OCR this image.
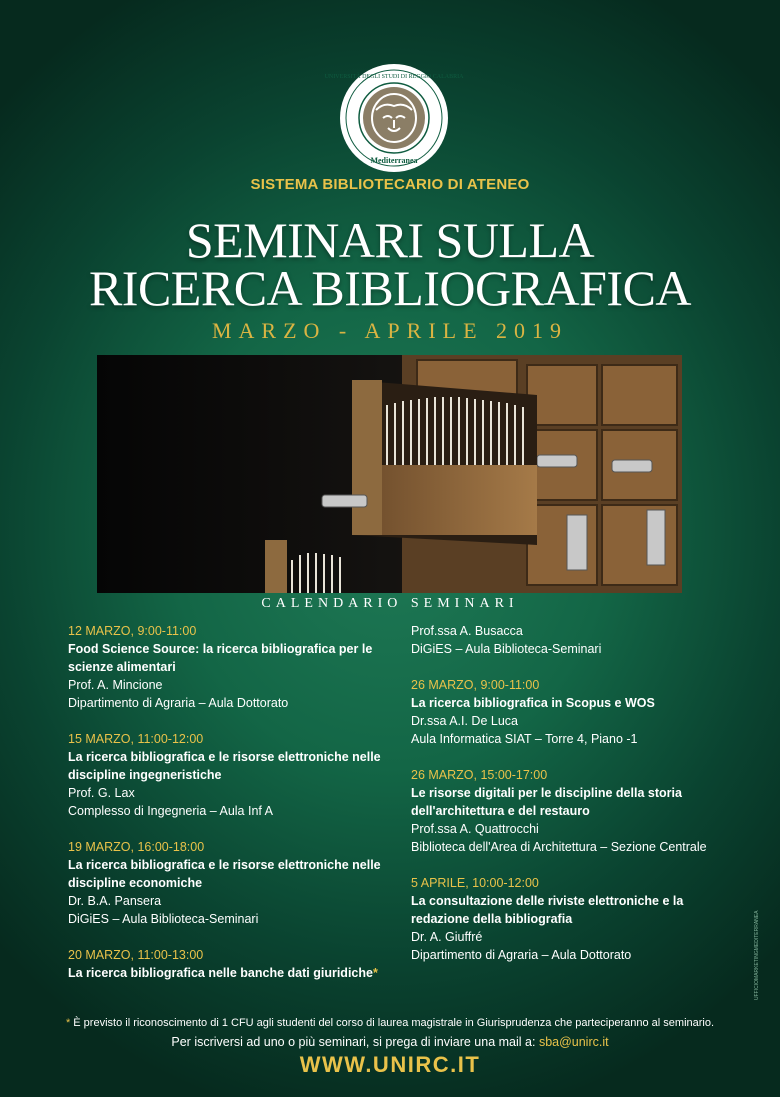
UNIVERSITÀ DEGLI STUDI DI REGGIO CALABRIA
Mediterranea
SISTEMA BIBLIOTECARIO DI ATENEO
SEMINARI SULLA
RICERCA BIBLIOGRAFICA
MARZO - APRILE 2019
CALENDARIO SEMINARI
12 MARZO, 9:00-11:00
Food Science Source: la ricerca bibliografica per le
scienze alimentari
Prof. A. Mincione
Dipartimento di Agraria – Aula Dottorato
15 MARZO, 11:00-12:00
La ricerca bibliografica e le risorse elettroniche nelle
discipline ingegneristiche
Prof. G. Lax
Complesso di Ingegneria – Aula Inf A
19 MARZO, 16:00-18:00
La ricerca bibliografica e le risorse elettroniche nelle
discipline economiche
Dr. B.A. Pansera
DiGiES – Aula Biblioteca-Seminari
20 MARZO, 11:00-13:00
La ricerca bibliografica nelle banche dati giuridiche*
Prof.ssa A. Busacca
DiGiES – Aula Biblioteca-Seminari
26 MARZO, 9:00-11:00
La ricerca bibliografica in Scopus e WOS
Dr.ssa A.I. De Luca
Aula Informatica SIAT – Torre 4, Piano -1
26 MARZO, 15:00-17:00
Le risorse digitali per le discipline della storia
dell'architettura e del restauro
Prof.ssa A. Quattrocchi
Biblioteca dell'Area di Architettura – Sezione Centrale
5 APRILE, 10:00-12:00
La consultazione delle riviste elettroniche e la
redazione della bibliografia
Dr. A. Giuffré
Dipartimento di Agraria – Aula Dottorato
* È previsto il riconoscimento di 1 CFU agli studenti del corso di laurea magistrale in Giurisprudenza che parteciperanno al seminario.
Per iscriversi ad uno o più seminari, si prega di inviare una mail a: sba@unirc.it
WWW.UNIRC.IT
UFFICIOMARKETINGMEDITERRANEA
